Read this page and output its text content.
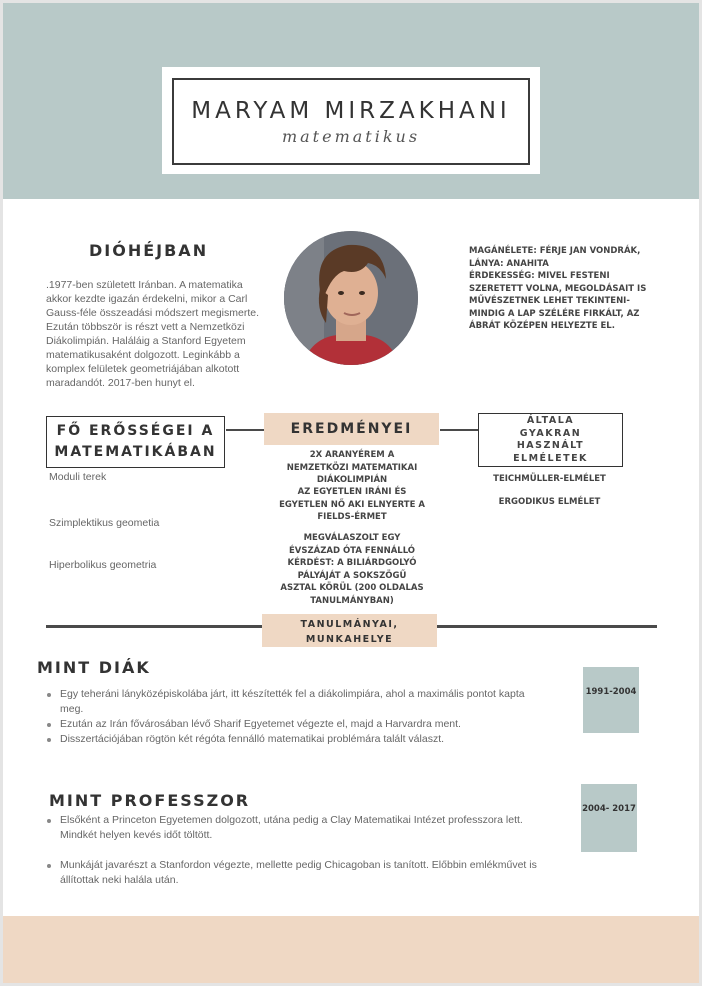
MARYAM MIRZAKHANI
matematikus
DIÓHÉJBAN
.1977-ben született Iránban. A matematika akkor kezdte igazán érdekelni, mikor a Carl Gauss-féle összeadási módszert megismerte. Ezután többször is részt vett a Nemzetközi Diákolimpián. Haláláig a Stanford Egyetem matematikusaként dolgozott. Leginkább a komplex felületek geometriájában alkotott maradandót. 2017-ben hunyt el.
MAGÁNÉLETE: FÉRJE JAN VONDRÁK, LÁNYA: ANAHITA
ÉRDEKESSÉG: MIVEL FESTENI SZERETETT VOLNA, MEGOLDÁSAIT IS MŰVÉSZETNEK LEHET TEKINTENI- MINDIG A LAP SZÉLÉRE FIRKÁLT, AZ ÁBRÁT KÖZÉPEN HELYEZTE EL.
FŐ ERŐSSÉGEI A MATEMATIKÁBAN
Moduli terek
Szimplektikus geometia
Hiperbolikus geometria
EREDMÉNYEI
2X ARANYÉREM A NEMZETKÖZI MATEMATIKAI DIÁKOLIMPIÁN
AZ EGYETLEN IRÁNI ÉS EGYETLEN NŐ AKI ELNYERTE A FIELDS-ÉRMET
MEGVÁLASZOLT EGY ÉVSZÁZAD ÓTA FENNÁLLÓ KÉRDÉST: A BILIÁRDGOLYÓ PÁLYÁJÁT A SOKSZÖGŰ ASZTAL KÖRÜL (200 OLDALAS TANULMÁNYBAN)
ÁLTALA GYAKRAN HASZNÁLT ELMÉLETEK
TEICHMÜLLER-ELMÉLET
ERGODIKUS ELMÉLET
TANULMÁNYAI, MUNKAHELYE
MINT DIÁK
Egy teheráni lányközépiskolába járt, itt készítették fel a diákolimpiára, ahol a maximális pontot kapta meg.
Ezután az Irán fővárosában lévő Sharif Egyetemet végezte el, majd a Harvardra ment.
Disszertációjában rögtön két régóta fennálló matematikai problémára talált választ.
1991-2004
MINT PROFESSZOR
Elsőként a Princeton Egyetemen dolgozott, utána pedig a Clay Matematikai Intézet professzora lett. Mindkét helyen kevés időt töltött.
Munkáját javarészt a Stanfordon végezte, mellette pedig Chicagoban is tanított. Előbbin emlékművet is állítottak neki halála után.
2004- 2017
